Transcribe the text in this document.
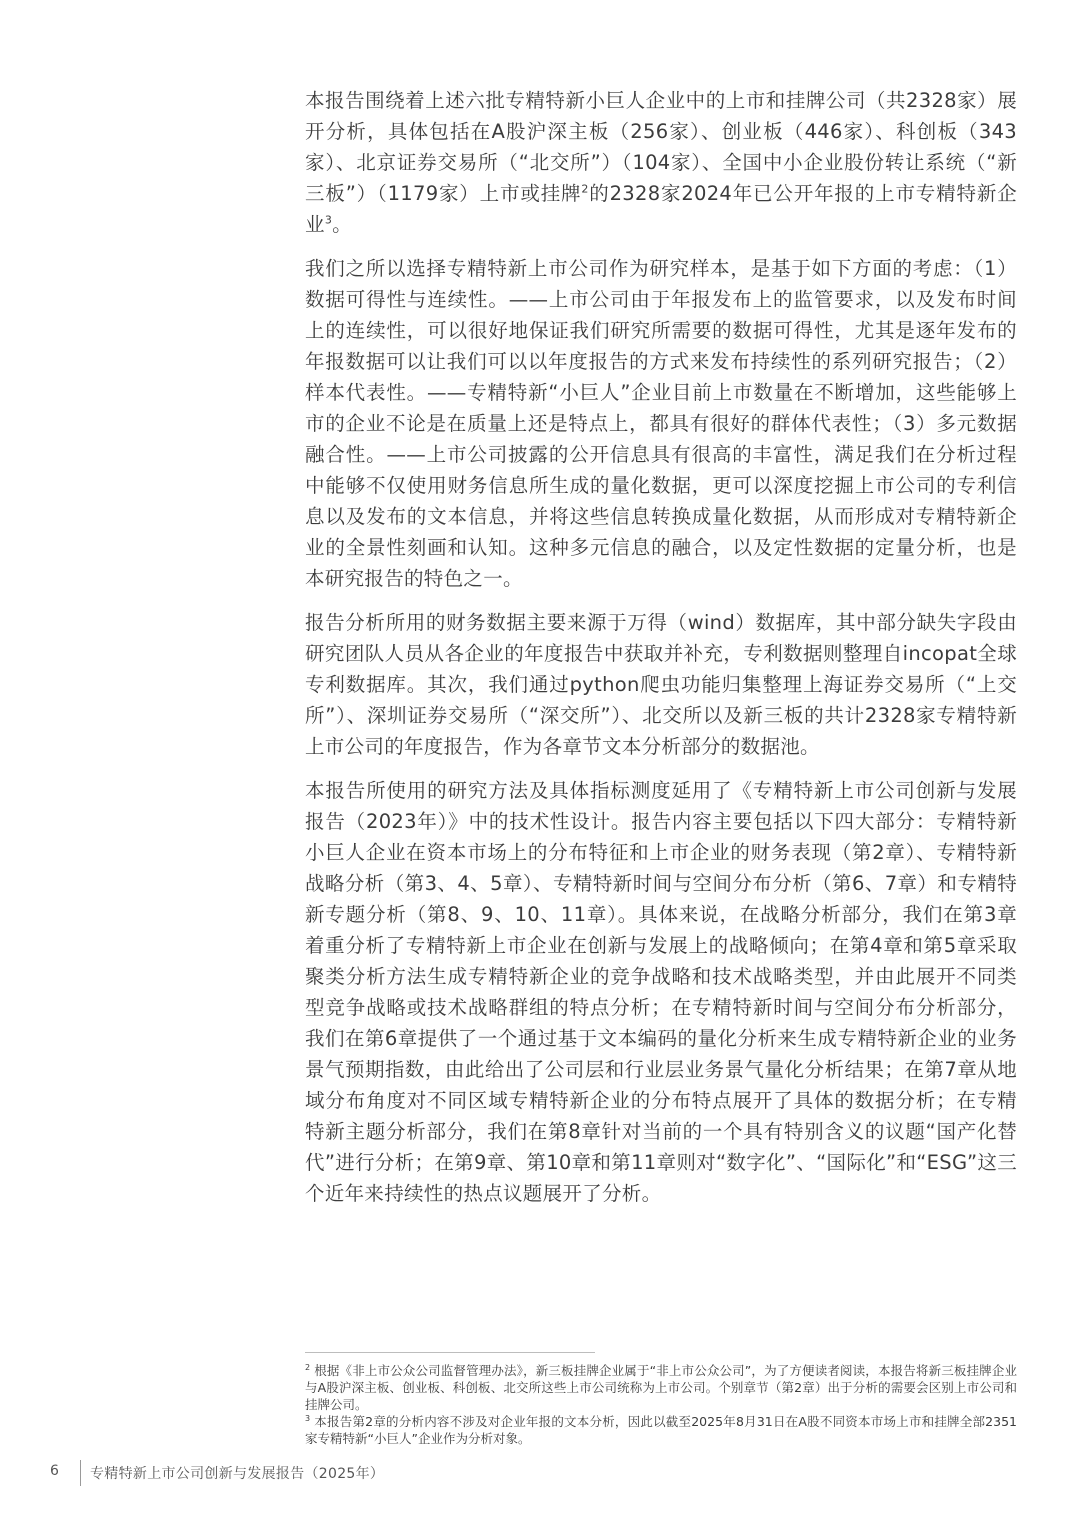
本报告围绕着上述六批专精特新小巨人企业中的上市和挂牌公司（共2328家）展开分析，具体包括在A股沪深主板（256家）、创业板（446家）、科创板（343家）、北京证券交易所（“北交所”）（104家）、全国中小企业股份转让系统（“新三板”）（1179家）上市或挂牌$^2$的2328家2024年已公开年报的上市专精特新企业$^3$。

我们之所以选择专精特新上市公司作为研究样本，是基于如下方面的考虑：（1）数据可得性与连续性。——上市公司由于年报发布上的监管要求，以及发布时间上的连续性，可以很好地保证我们研究所需要的数据可得性，尤其是逐年发布的年报数据可以让我们可以以年度报告的方式来发布持续性的系列研究报告；（2）样本代表性。——专精特新“小巨人”企业目前上市数量在不断增加，这些能够上市的企业不论是在质量上还是特点上，都具有很好的群体代表性；（3）多元数据融合性。——上市公司披露的公开信息具有很高的丰富性，满足我们在分析过程中能够不仅使用财务信息所生成的量化数据，更可以深度挖掘上市公司的专利信息以及发布的文本信息，并将这些信息转换成量化数据，从而形成对专精特新企业的全景性刻画和认知。这种多元信息的融合，以及定性数据的定量分析，也是本研究报告的特色之一。

报告分析所用的财务数据主要来源于万得（wind）数据库，其中部分缺失字段由研究团队人员从各企业的年度报告中获取并补充，专利数据则整理自incopat全球专利数据库。其次，我们通过python爬虫功能归集整理上海证券交易所（“上交所”）、深圳证券交易所（“深交所”）、北交所以及新三板的共计2328家专精特新上市公司的年度报告，作为各章节文本分析部分的数据池。

本报告所使用的研究方法及具体指标测度延用了《专精特新上市公司创新与发展报告（2023年）》中的技术性设计。报告内容主要包括以下四大部分：专精特新小巨人企业在资本市场上的分布特征和上市企业的财务表现（第2章）、专精特新战略分析（第3、4、5章）、专精特新时间与空间分布分析（第6、7章）和专精特新专题分析（第8、9、10、11章）。具体来说，在战略分析部分，我们在第3章着重分析了专精特新上市企业在创新与发展上的战略倾向；在第4章和第5章采取聚类分析方法生成专精特新企业的竞争战略和技术战略类型，并由此展开不同类型竞争战略或技术战略群组的特点分析；在专精特新时间与空间分布分析部分，我们在第6章提供了一个通过基于文本编码的量化分析来生成专精特新企业的业务景气预期指数，由此给出了公司层和行业层业务景气量化分析结果；在第7章从地域分布角度对不同区域专精特新企业的分布特点展开了具体的数据分析；在专精特新主题分析部分，我们在第8章针对当前的一个具有特别含义的议题“国产化替代”进行分析；在第9章、第10章和第11章则对“数字化”、“国际化”和“ESG”这三个近年来持续性的热点议题展开了分析。

$^2$ 根据《非上市公众公司监督管理办法》，新三板挂牌企业属于“非上市公众公司”，为了方便读者阅读，本报告将新三板挂牌企业与A股沪深主板、创业板、科创板、北交所这些上市公司统称为上市公司。个别章节（第2章）出于分析的需要会区别上市公司和挂牌公司。

$^3$ 本报告第2章的分析内容不涉及对企业年报的文本分析，因此以截至2025年8月31日在A股不同资本市场上市和挂牌全部2351家专精特新“小巨人”企业作为分析对象。

6 专精特新上市公司创新与发展报告（2025年）
